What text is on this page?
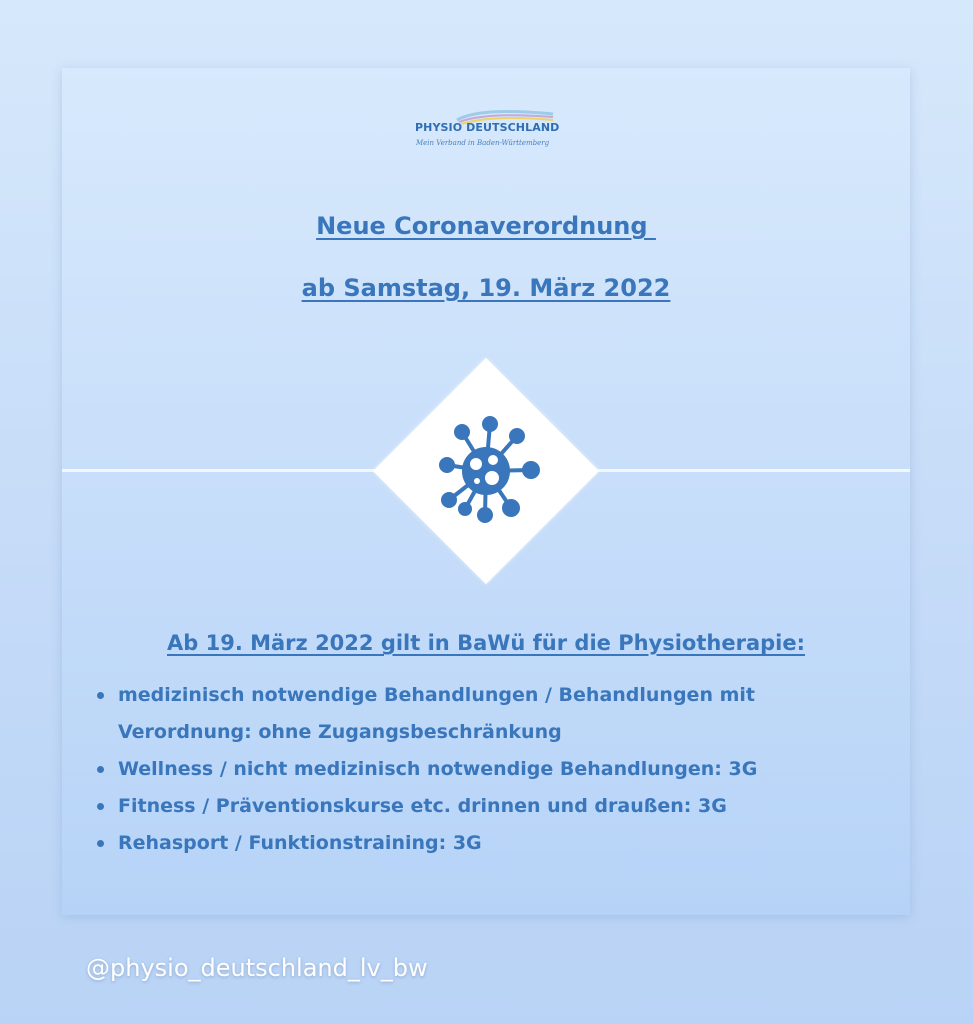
PHYSIO DEUTSCHLAND
Mein Verband in Baden-Württemberg
Neue Coronaverordnung
ab Samstag, 19. März 2022
Ab 19. März 2022 gilt in BaWü für die Physiotherapie:
medizinisch notwendige Behandlungen / Behandlungen mit Verordnung: ohne Zugangsbeschränkung
Wellness / nicht medizinisch notwendige Behandlungen: 3G
Fitness / Präventionskurse etc. drinnen und draußen: 3G
Rehasport / Funktionstraining: 3G
@physio_deutschland_lv_bw
